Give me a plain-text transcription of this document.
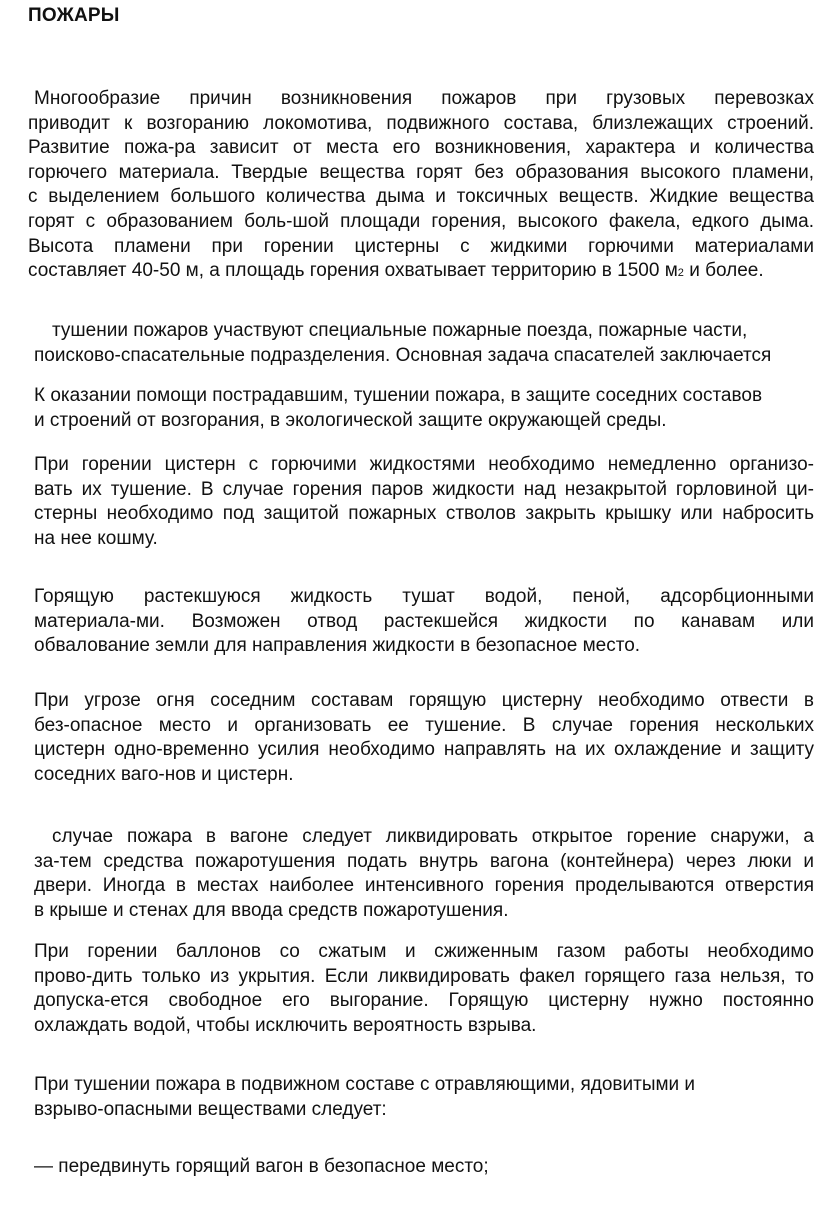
ПОЖАРЫ
Многообразие причин возникновения пожаров при грузовых перевозках
приводит к возгоранию локомотива, подвижного состава, близлежащих строений.
Развитие пожа-ра зависит от места его возникновения, характера и количества
горючего материала. Твердые вещества горят без образования высокого пламени,
с выделением большого количества дыма и токсичных веществ. Жидкие вещества
горят с образованием боль-шой площади горения, высокого факела, едкого дыма.
Высота пламени при горении цистерны с жидкими горючими материалами
составляет 40-50 м, а площадь горения охватывает территорию в 1500 м2 и более.
тушении пожаров участвуют специальные пожарные поезда, пожарные части,
поисково-спасательные подразделения. Основная задача спасателей заключается
К оказании помощи пострадавшим, тушении пожара, в защите соседних составов
и строений от возгорания, в экологической защите окружающей среды.
При горении цистерн с горючими жидкостями необходимо немедленно организо-
вать их тушение. В случае горения паров жидкости над незакрытой горловиной ци-
стерны необходимо под защитой пожарных стволов закрыть крышку или набросить
на нее кошму.
Горящую растекшуюся жидкость тушат водой, пеной, адсорбционными
материала-ми. Возможен отвод растекшейся жидкости по канавам или
обвалование земли для направления жидкости в безопасное место.
При угрозе огня соседним составам горящую цистерну необходимо отвести в
без-опасное место и организовать ее тушение. В случае горения нескольких
цистерн одно-временно усилия необходимо направлять на их охлаждение и защиту
соседних ваго-нов и цистерн.
случае пожара в вагоне следует ликвидировать открытое горение снаружи, а
за-тем средства пожаротушения подать внутрь вагона (контейнера) через люки и
двери. Иногда в местах наиболее интенсивного горения проделываются отверстия
в крыше и стенах для ввода средств пожаротушения.
При горении баллонов со сжатым и сжиженным газом работы необходимо
прово-дить только из укрытия. Если ликвидировать факел горящего газа нельзя, то
допуска-ется свободное его выгорание. Горящую цистерну нужно постоянно
охлаждать водой, чтобы исключить вероятность взрыва.
При тушении пожара в подвижном составе с отравляющими, ядовитыми и
взрыво-опасными веществами следует:
— передвинуть горящий вагон в безопасное место;
